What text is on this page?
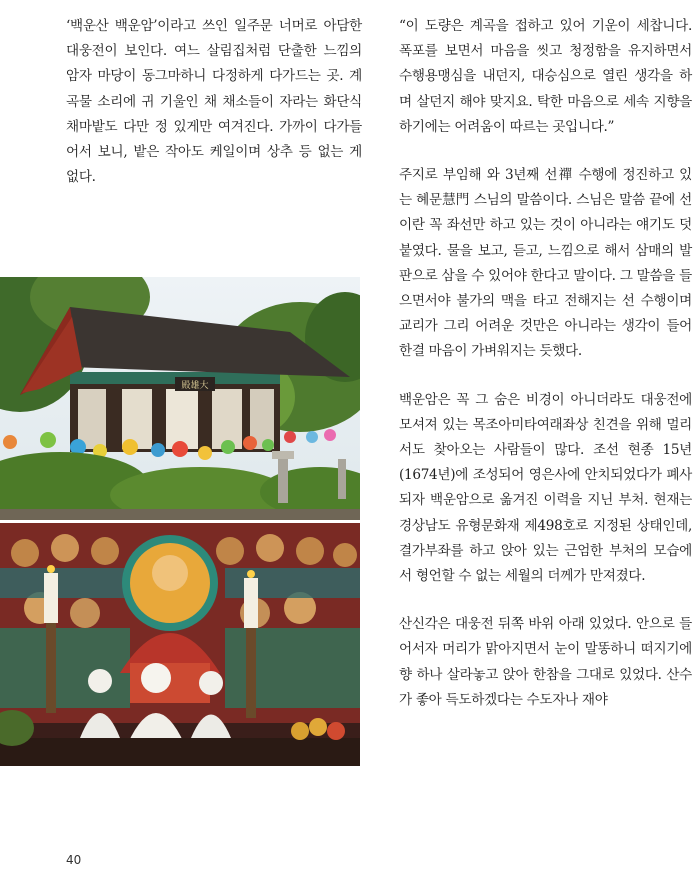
‘백운산 백운암’이라고 쓰인 일주문 너머로 아담한 대웅전이 보인다. 여느 살림집처럼 단출한 느낌의 암자 마당이 동그마하니 다정하게 다가드는 곳. 계곡물 소리에 귀 기울인 채 채소들이 자라는 화단식 채마밭도 다만 정 있게만 여겨진다. 가까이 다가들어서 보니, 밭은 작아도 케일이며 상추 등 없는 게 없다.

“이 도량은 계곡을 접하고 있어 기운이 세찹니다. 폭포를 보면서 마음을 씻고 청정함을 유지하면서 수행용맹심을 내던지, 대승심으로 열린 생각을 하며 살던지 해야 맞지요. 탁한 마음으로 세속 지향을 하기에는 어려움이 따르는 곳입니다.”

주지로 부임해 와 3년째 선禪 수행에 정진하고 있는 혜문慧門 스님의 말씀이다. 스님은 말씀 끝에 선이란 꼭 좌선만 하고 있는 것이 아니라는 얘기도 덧붙였다. 물을 보고, 듣고, 느낌으로 해서 삼매의 발판으로 삼을 수 있어야 한다고 말이다. 그 말씀을 들으면서야 불가의 맥을 타고 전해지는 선 수행이며 교리가 그리 어려운 것만은 아니라는 생각이 들어 한결 마음이 가벼워지는 듯했다.

백운암은 꼭 그 숨은 비경이 아니더라도 대웅전에 모셔져 있는 목조아미타여래좌상 친견을 위해 멀리서도 찾아오는 사람들이 많다. 조선 현종 15년(1674년)에 조성되어 영은사에 안치되었다가 폐사되자 백운암으로 옮겨진 이력을 지닌 부처. 현재는 경상남도 유형문화재 제498호로 지정된 상태인데, 결가부좌를 하고 앉아 있는 근엄한 부처의 모습에서 형언할 수 없는 세월의 더께가 만져졌다.

산신각은 대웅전 뒤쪽 바위 아래 있었다. 안으로 들어서자 머리가 맑아지면서 눈이 말똥하니 떠지기에 향 하나 살라놓고 앉아 한참을 그대로 있었다. 산수가 좋아 득도하겠다는 수도자나 재야

殿雄大
40
